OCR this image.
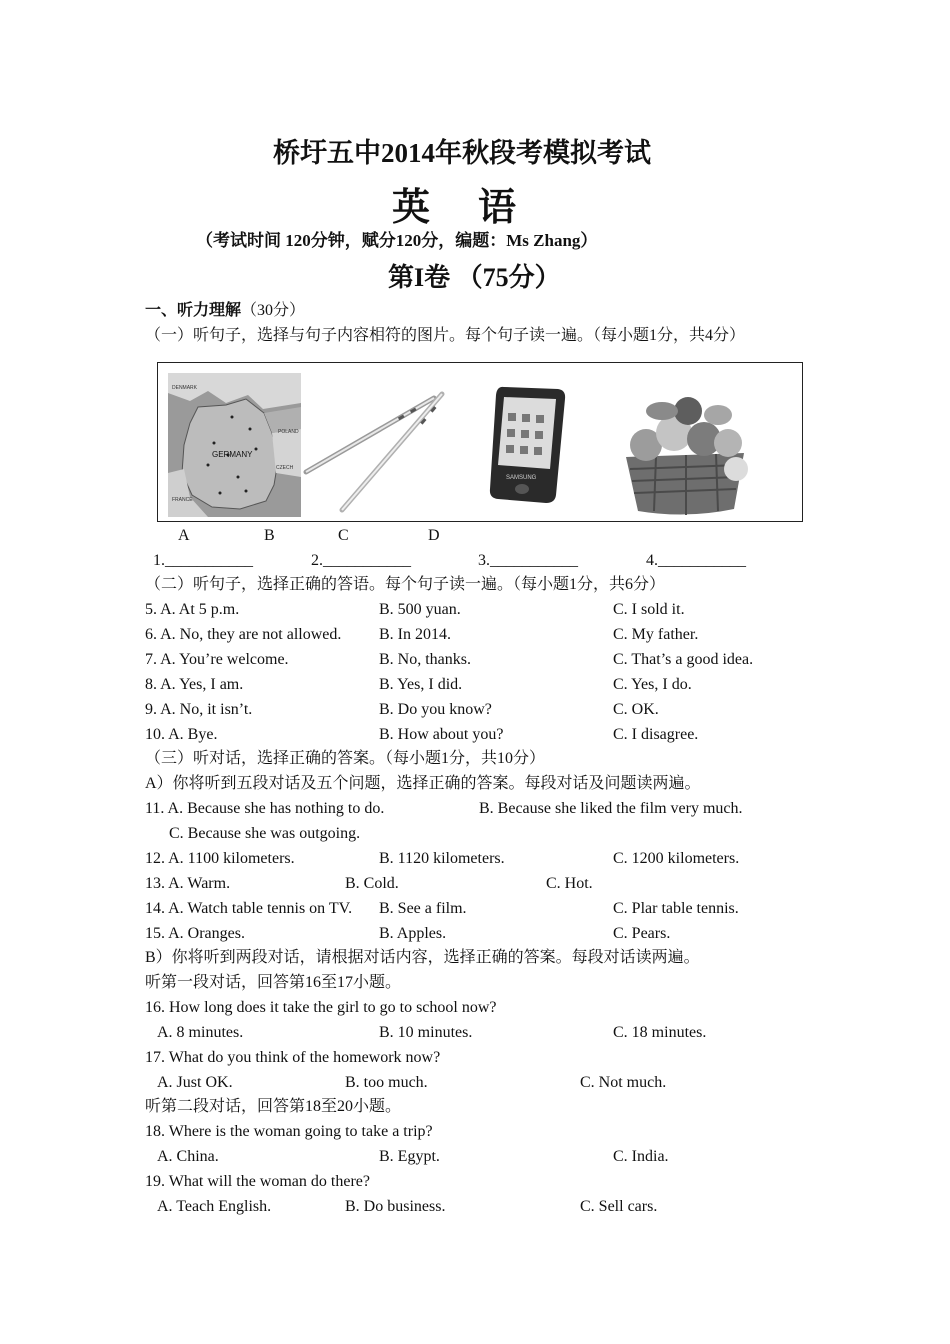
桥圩五中2014年秋段考模拟考试
英 语
（考试时间 120分钟，赋分120分，编题：Ms Zhang）
第I卷 （75分）
一、听力理解（30分）
（一）听句子，选择与句子内容相符的图片。每个句子读一遍。（每小题1分，共4分）
GERMANY
DENMARK
POLAND
CZECH
FRANCE
SAMSUNG
A	B	C	D
1.___________	2.___________	3.___________	4.___________
（二）听句子，选择正确的答语。每个句子读一遍。（每小题1分，共6分）
5. A. At 5 p.m.	B. 500 yuan.	C. I sold it.
6. A. No, they are not allowed. B. In 2014.	C. My father.
7. A. You’re welcome.	B. No, thanks.	C. That’s a good idea.
8. A. Yes, I am.	B. Yes, I did.	C. Yes, I do.
9. A. No, it isn’t.	B. Do you know?	C. OK.
10. A. Bye.	B. How about you?	C. I disagree.
（三）听对话，选择正确的答案。（每小题1分，共10分）
A）你将听到五段对话及五个问题，选择正确的答案。每段对话及问题读两遍。
11. A. Because she has nothing to do.	B. Because she liked the film very much.
C. Because she was outgoing.
12. A. 1100 kilometers.	B. 1120 kilometers.	C. 1200 kilometers.
13. A. Warm.	B. Cold.	C. Hot.
14. A. Watch table tennis on TV. B. See a film.	C. Plar table tennis.
15. A. Oranges.	B. Apples.	C. Pears.
B）你将听到两段对话，请根据对话内容，选择正确的答案。每段对话读两遍。
听第一段对话，回答第16至17小题。
16. How long does it take the girl to go to school now?
A. 8 minutes.	B. 10 minutes.	C. 18 minutes.
17. What do you think of the homework now?
A. Just OK.	B. too much.	C. Not much.
听第二段对话，回答第18至20小题。
18. Where is the woman going to take a trip?
A. China.	B. Egypt.	C. India.
19. What will the woman do there?
A. Teach English.	B. Do business.	C. Sell cars.
